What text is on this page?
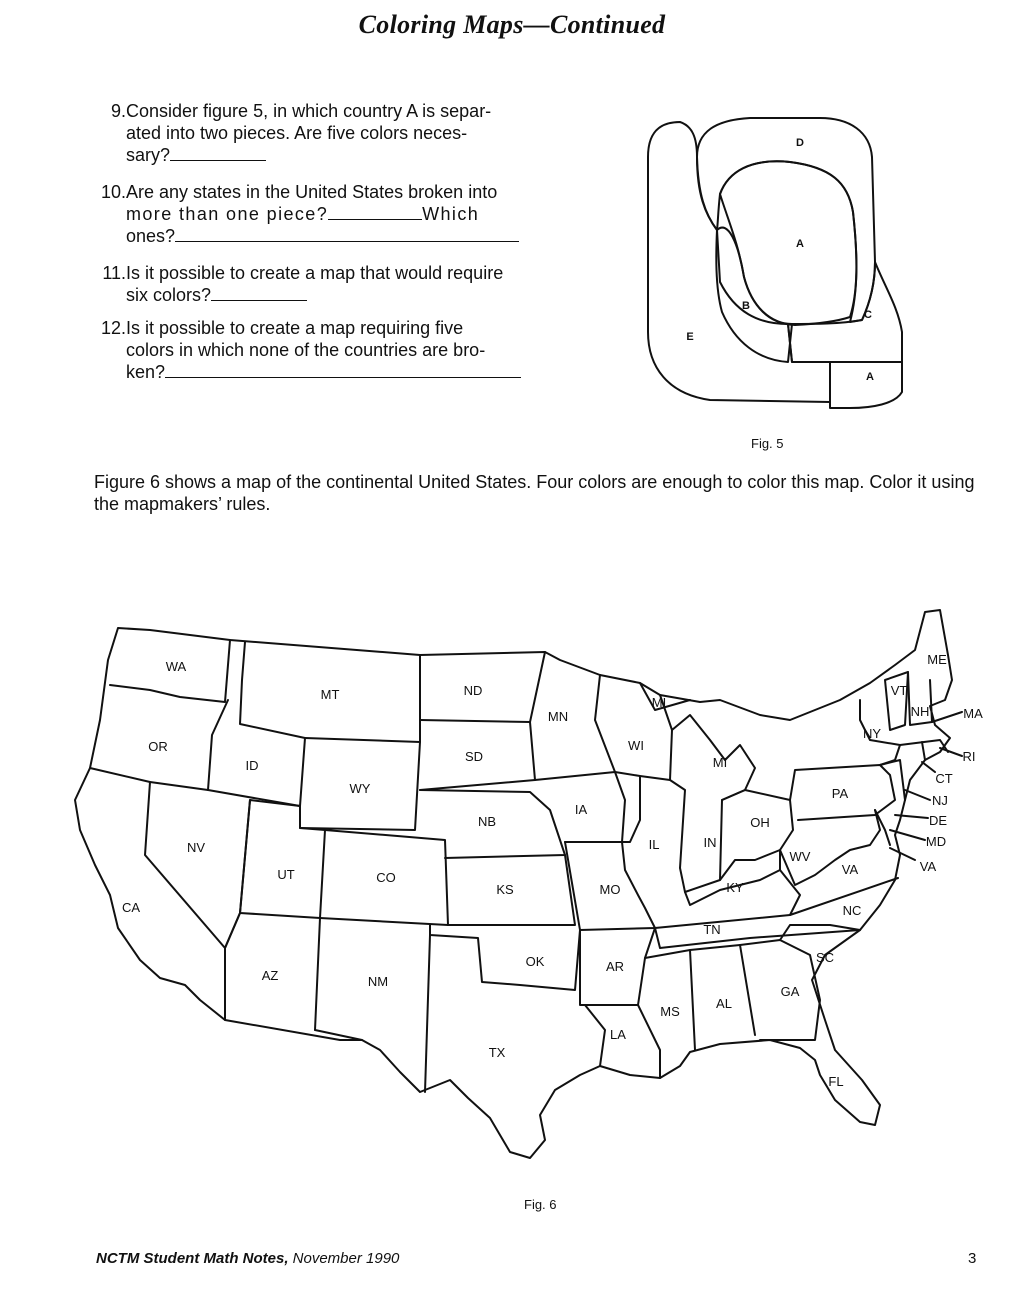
Coloring Maps—Continued
9. Consider figure 5, in which country A is separ-
ated into two pieces. Are five colors neces-
sary?
10. Are any states in the United States broken into
more than one piece?	Which
ones?
11. Is it possible to create a map that would require
six colors?
12. Is it possible to create a map requiring five
colors in which none of the countries are bro-
ken?
D
A
B
C
E
A
Fig. 5
Figure 6 shows a map of the continental United States. Four colors are enough to color this map. Color it using the mapmakers’ rules.
WA
OR
CA
ID
NV
MT
WY
UT
AZ
CO
NM
ND
SD
NB
KS
OK
TX
MN
IA
MO
AR
LA
WI
IL
MI
MI
IN
OH
KY
TN
MS
AL
GA
FL
SC
NC
VA
WV
PA
NY
VT
NH
ME
MA
RI
CT
NJ
DE
MD
VA
Fig. 6
NCTM Student Math Notes, November 1990	3
